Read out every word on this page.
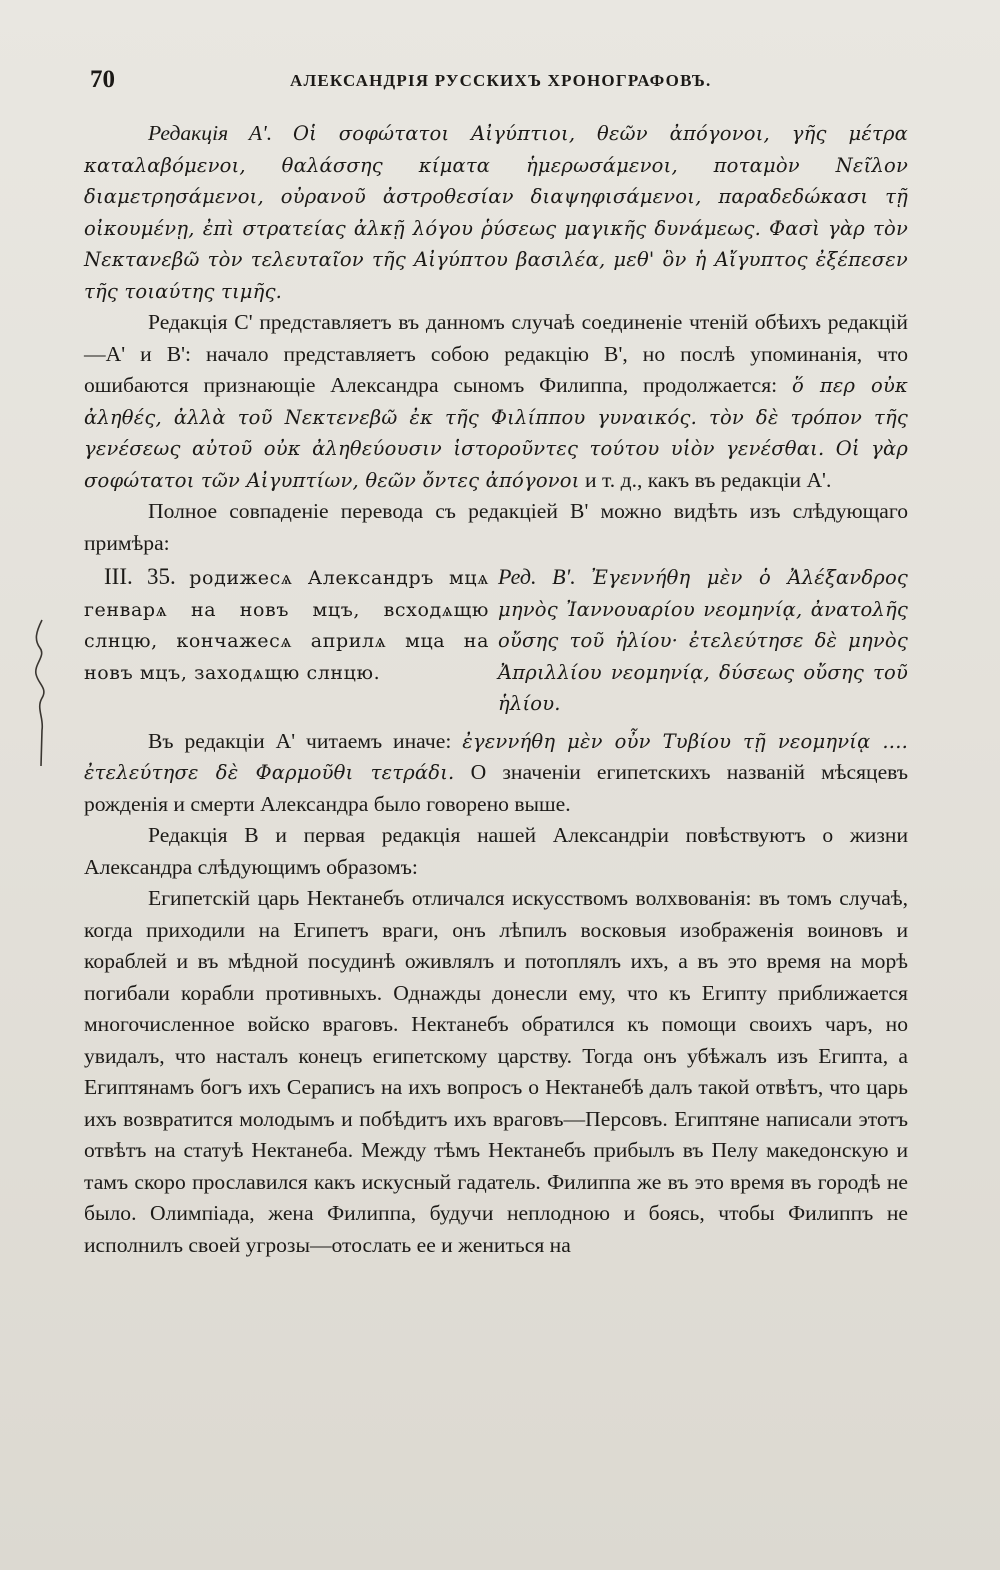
70	АЛЕКСАНДРІЯ РУССКИХЪ ХРОНОГРАФОВЪ.

Редакція А'. Οἱ σοφώτατοι Αἰγύπτιοι, θεῶν ἀπόγονοι, γῆς μέτρα καταλαβόμενοι, θαλάσσης κίματα ἡμερωσάμενοι, ποταμὸν Νεῖλον διαμετρησάμενοι, οὐρανοῦ ἀστροθεσίαν διαψηφισάμενοι, παραδεδώκασι τῇ οἰκουμένῃ, ἐπὶ στρατείας ἀλκῇ λόγου ῥύσεως μαγικῆς δυνάμεως. Φασὶ γὰρ τὸν Νεκτανεβῶ τὸν τελευταῖον τῆς Αἰγύπτου βασιλέα, μεθ' ὃν ἡ Αἴγυπτος ἐξέπεσεν τῆς τοιαύτης τιμῆς.

Редакція С' представляетъ въ данномъ случаѣ соединеніе чтеній обѣихъ редакцій—А' и В': начало представляетъ собою редакцію В', но послѣ упоминанія, что ошибаются признающіе Александра сыномъ Филиппа, продолжается: ὅ περ οὐκ ἀληθές, ἀλλὰ τοῦ Νεκτενεβῶ ἐκ τῆς Φιλίππου γυναικός. τὸν δὲ τρόπον τῆς γενέσεως αὐτοῦ οὐκ ἀληθεύουσιν ἱστοροῦντες τούτου υἱὸν γενέσθαι. Οἱ γὰρ σοφώτατοι τῶν Αἰγυπτίων, θεῶν ὄντες ἀπόγονοι и т. д., какъ въ редакціи А'.

Полное совпаденіе перевода съ редакціей В' можно видѣть изъ слѣдующаго примѣра:

III. 35. родижесѧ Александръ мцѧ генварѧ на новъ мцъ, всходѧщю слнцю, кончажесѧ априлѧ мца на новъ мцъ, заходѧщю слнцю.
Ред. В'. Ἐγεννήθη μὲν ὁ Ἀλέξανδρος μηνὸς Ἰαννουαρίου νεομηνίᾳ, ἀνατολῆς οὔσης τοῦ ἡλίου· ἐτελεύτησε δὲ μηνὸς Ἀπριλλίου νεομηνίᾳ, δύσεως οὔσης τοῦ ἡλίου.

Въ редакціи А' читаемъ иначе: ἐγεννήθη μὲν οὖν Τυβίου τῇ νεομηνίᾳ .... ἐτελεύτησε δὲ Φαρμοῦθι τετράδι. О значеніи египетскихъ названій мѣсяцевъ рожденія и смерти Александра было говорено выше.

Редакція В и первая редакція нашей Александріи повѣствуютъ о жизни Александра слѣдующимъ образомъ:

Египетскій царь Нектанебъ отличался искусствомъ волхвованія: въ томъ случаѣ, когда приходили на Египетъ враги, онъ лѣпилъ восковыя изображенія воиновъ и кораблей и въ мѣдной посудинѣ оживлялъ и потоплялъ ихъ, а въ это время на морѣ погибали корабли противныхъ. Однажды донесли ему, что къ Египту приближается многочисленное войско враговъ. Нектанебъ обратился къ помощи своихъ чаръ, но увидалъ, что насталъ конецъ египетскому царству. Тогда онъ убѣжалъ изъ Египта, а Египтянамъ богъ ихъ Сераписъ на ихъ вопросъ о Нектанебѣ далъ такой отвѣтъ, что царь ихъ возвратится молодымъ и побѣдитъ ихъ враговъ—Персовъ. Египтяне написали этотъ отвѣтъ на статуѣ Нектанеба. Между тѣмъ Нектанебъ прибылъ въ Пелу македонскую и тамъ скоро прославился какъ искусный гадатель. Филиппа же въ это время въ городѣ не было. Олимпіада, жена Филиппа, будучи неплодною и боясь, чтобы Филиппъ не исполнилъ своей угрозы—отослать ее и жениться на
